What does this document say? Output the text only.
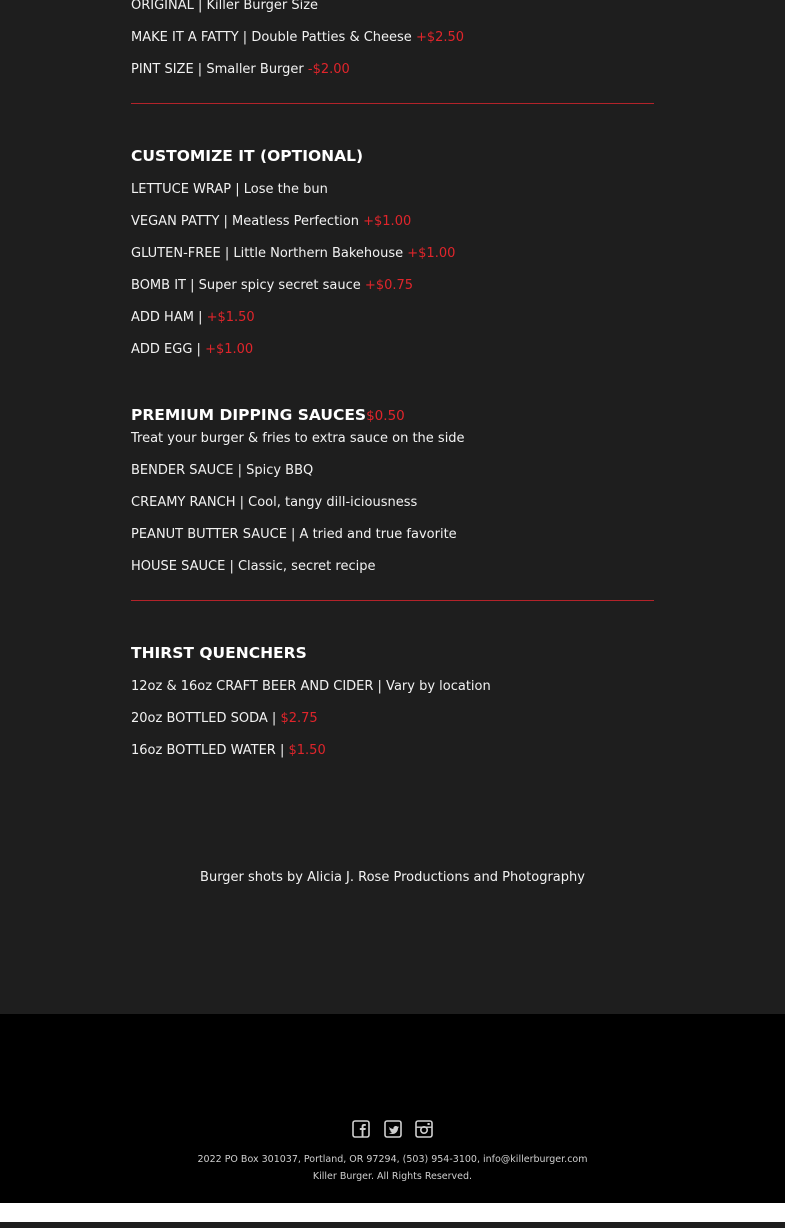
ORIGINAL | Killer Burger Size
MAKE IT A FATTY | Double Patties & Cheese +$2.50
PINT SIZE | Smaller Burger -$2.00
CUSTOMIZE IT (OPTIONAL)
LETTUCE WRAP | Lose the bun
VEGAN PATTY | Meatless Perfection +$1.00
GLUTEN-FREE | Little Northern Bakehouse +$1.00
BOMB IT | Super spicy secret sauce +$0.75
ADD HAM | +$1.50
ADD EGG | +$1.00
PREMIUM DIPPING SAUCES$0.50
Treat your burger & fries to extra sauce on the side
BENDER SAUCE | Spicy BBQ
CREAMY RANCH | Cool, tangy dill-iciousness
PEANUT BUTTER SAUCE | A tried and true favorite
HOUSE SAUCE | Classic, secret recipe
THIRST QUENCHERS
12oz & 16oz CRAFT BEER AND CIDER | Vary by location
20oz BOTTLED SODA | $2.75
16oz BOTTLED WATER | $1.50
Burger shots by Alicia J. Rose Productions and Photography

2022 PO Box 301037, Portland, OR 97294, (503) 954-3100, info@killerburger.com
Killer Burger. All Rights Reserved.
